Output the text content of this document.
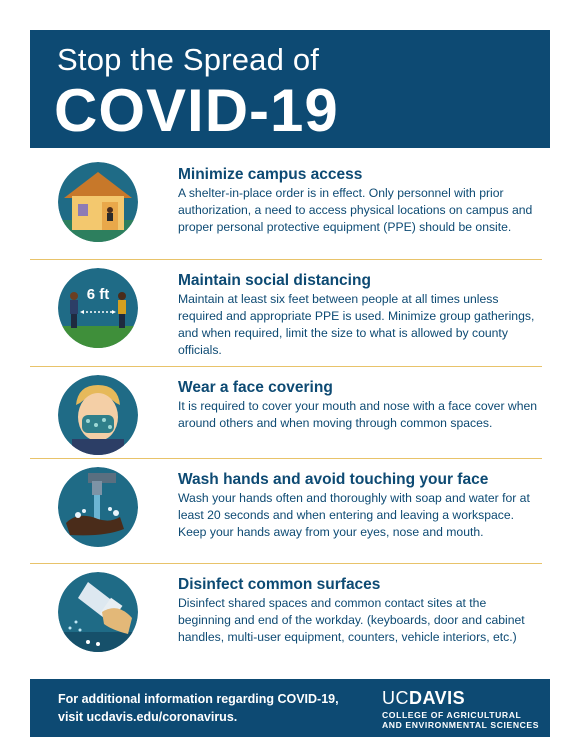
Stop the Spread of
COVID-19
Minimize campus access
A shelter-in-place order is in effect. Only personnel with prior authorization, a need to access physical locations on campus and proper personal protective equipment (PPE) should be onsite.
6 ft
Maintain social distancing
Maintain at least six feet between people at all times unless required and appropriate PPE is used. Minimize group gatherings, and when required, limit the size to what is allowed by county officials.
Wear a face covering
It is required to cover your mouth and nose with a face cover when around others and when moving through common spaces.
Wash hands and avoid touching your face
Wash your hands often and thoroughly with soap and water for at least 20 seconds and when entering and leaving a workspace. Keep your hands away from your eyes, nose and mouth.
Disinfect common surfaces
Disinfect shared spaces and common contact sites at the beginning and end of the workday. (keyboards, door and cabinet handles, multi-user equipment, counters, vehicle interiors, etc.)
For additional information regarding COVID-19,
visit ucdavis.edu/coronavirus.
UCDAVIS
COLLEGE OF AGRICULTURAL
AND ENVIRONMENTAL SCIENCES
